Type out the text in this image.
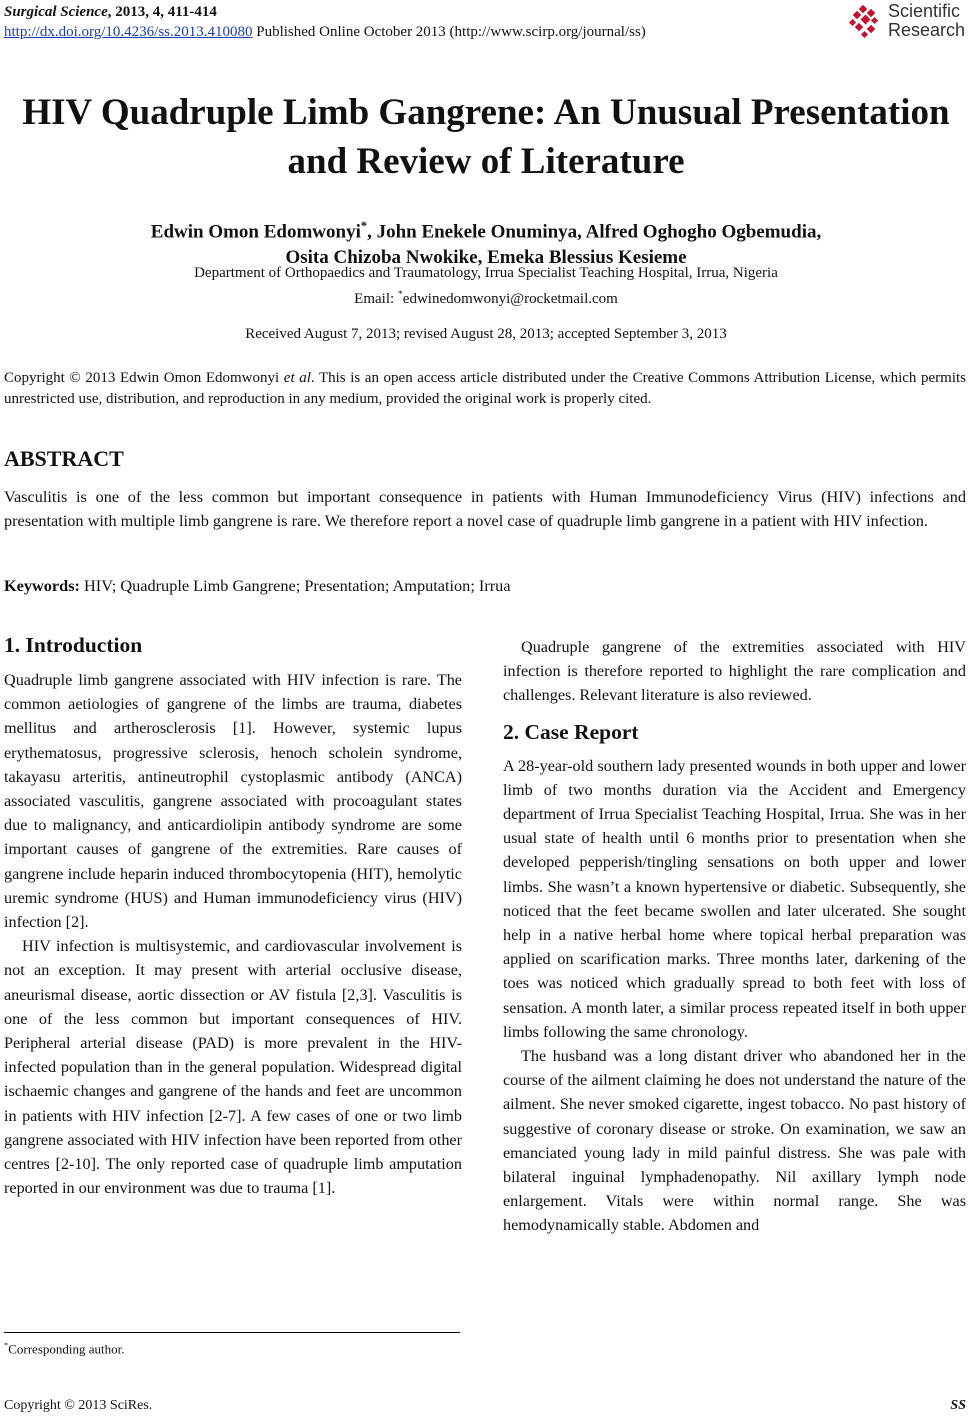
Surgical Science, 2013, 4, 411-414
http://dx.doi.org/10.4236/ss.2013.410080 Published Online October 2013 (http://www.scirp.org/journal/ss)
Scientific
Research
HIV Quadruple Limb Gangrene: An Unusual Presentation
and Review of Literature
Edwin Omon Edomwonyi*, John Enekele Onuminya, Alfred Oghogho Ogbemudia,
Osita Chizoba Nwokike, Emeka Blessius Kesieme
Department of Orthopaedics and Traumatology, Irrua Specialist Teaching Hospital, Irrua, Nigeria
Email: *edwinedomwonyi@rocketmail.com
Received August 7, 2013; revised August 28, 2013; accepted September 3, 2013
Copyright © 2013 Edwin Omon Edomwonyi et al. This is an open access article distributed under the Creative Commons Attribution License, which permits unrestricted use, distribution, and reproduction in any medium, provided the original work is properly cited.
ABSTRACT
Vasculitis is one of the less common but important consequence in patients with Human Immunodeficiency Virus (HIV) infections and presentation with multiple limb gangrene is rare. We therefore report a novel case of quadruple limb gangrene in a patient with HIV infection.
Keywords: HIV; Quadruple Limb Gangrene; Presentation; Amputation; Irrua
1. Introduction

Quadruple limb gangrene associated with HIV infection is rare. The common aetiologies of gangrene of the limbs are trauma, diabetes mellitus and artherosclerosis [1]. However, systemic lupus erythematosus, progressive sclerosis, henoch scholein syndrome, takayasu arteritis, antineutrophil cystoplasmic antibody (ANCA) associated vasculitis, gangrene associated with procoagulant states due to malignancy, and anticardiolipin antibody syndrome are some important causes of gangrene of the extremities. Rare causes of gangrene include heparin induced thrombocytopenia (HIT), hemolytic uremic syndrome (HUS) and Human immunodeficiency virus (HIV) infection [2].

HIV infection is multisystemic, and cardiovascular involvement is not an exception. It may present with arterial occlusive disease, aneurismal disease, aortic dissection or AV fistula [2,3]. Vasculitis is one of the less common but important consequences of HIV. Peripheral arterial disease (PAD) is more prevalent in the HIV-infected population than in the general population. Widespread digital ischaemic changes and gangrene of the hands and feet are uncommon in patients with HIV infection [2-7]. A few cases of one or two limb gangrene associated with HIV infection have been reported from other centres [2-10]. The only reported case of quadruple limb amputation reported in our environment was due to trauma [1].

Quadruple gangrene of the extremities associated with HIV infection is therefore reported to highlight the rare complication and challenges. Relevant literature is also reviewed.

2. Case Report

A 28-year-old southern lady presented wounds in both upper and lower limb of two months duration via the Accident and Emergency department of Irrua Specialist Teaching Hospital, Irrua. She was in her usual state of health until 6 months prior to presentation when she developed pepperish/tingling sensations on both upper and lower limbs. She wasn’t a known hypertensive or diabetic. Subsequently, she noticed that the feet became swollen and later ulcerated. She sought help in a native herbal home where topical herbal preparation was applied on scarification marks. Three months later, darkening of the toes was noticed which gradually spread to both feet with loss of sensation. A month later, a similar process repeated itself in both upper limbs following the same chronology.

The husband was a long distant driver who abandoned her in the course of the ailment claiming he does not understand the nature of the ailment. She never smoked cigarette, ingest tobacco. No past history of suggestive of coronary disease or stroke. On examination, we saw an emanciated young lady in mild painful distress. She was pale with bilateral inguinal lymphadenopathy. Nil axillary lymph node enlargement. Vitals were within normal range. She was hemodynamically stable. Abdomen and

*Corresponding author.
Copyright © 2013 SciRes.	SS
